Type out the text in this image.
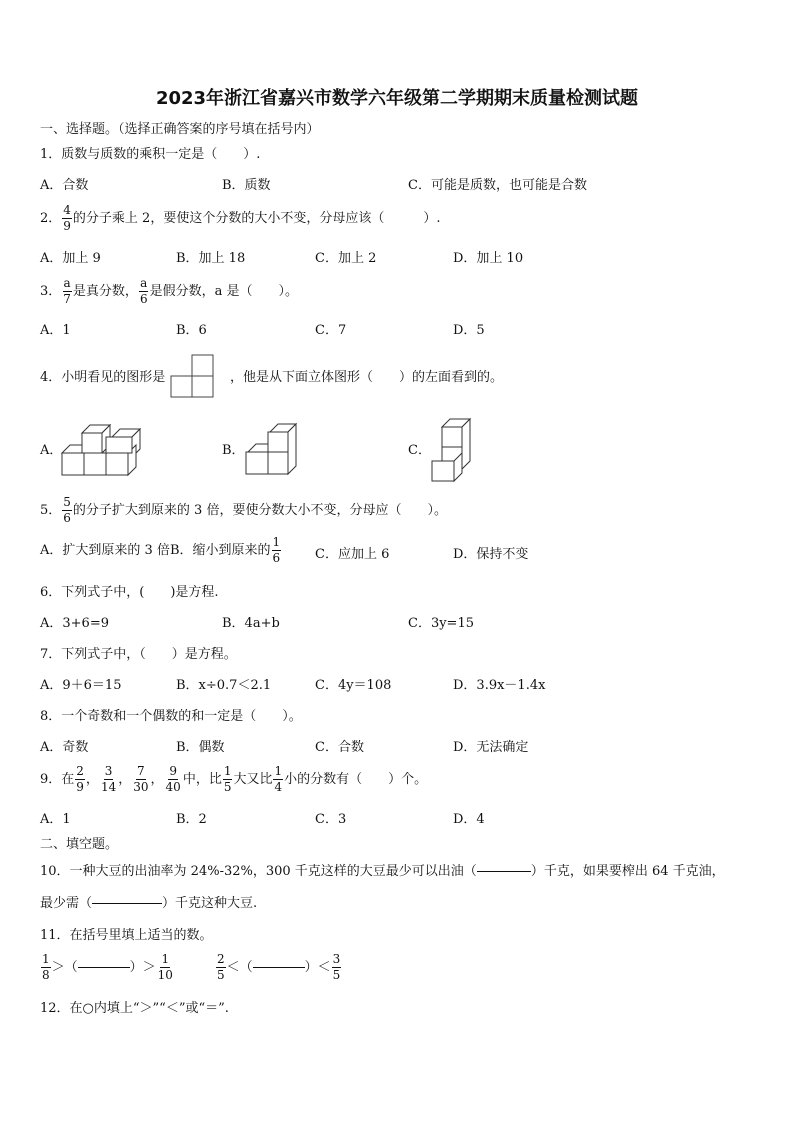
2023年浙江省嘉兴市数学六年级第二学期期末质量检测试题
一、选择题。（选择正确答案的序号填在括号内）
1．质数与质数的乘积一定是（　　）.
A．合数	B．质数	C．可能是质数，也可能是合数
2． $\frac{4}{9}$ 的分子乘上 2，要使这个分数的大小不变，分母应该（　　　）.
A．加上 9	B．加上 18	C．加上 2	D．加上 10
3． $\frac{a}{7}$ 是真分数， $\frac{a}{6}$ 是假分数，a 是（　　）。
A．1	B．6	C．7	D．5
4．小明看见的图形是	，他是从下面立体图形（　　）的左面看到的。
A．	B．	C．
5． $\frac{5}{6}$ 的分子扩大到原来的 3 倍，要使分数大小不变，分母应（　　）。
A．扩大到原来的 3 倍 B．缩小到原来的 $\frac{1}{6}$	C．应加上 6	D．保持不变
6．下列式子中，(　　)是方程.
A．3+6=9	B．4a+b	C．3y=15
7．下列式子中，（　　）是方程。
A．9＋6＝15	B．x÷0.7＜2.1	C．4y＝108	D．3.9x－1.4x
8．一个奇数和一个偶数的和一定是（　　）。
A．奇数	B．偶数	C．合数	D．无法确定
9．在 $\frac{2}{9}$ ， $\frac{3}{14}$ ， $\frac{7}{30}$ ， $\frac{9}{40}$ 中，比 $\frac{1}{5}$ 大又比 $\frac{1}{4}$ 小的分数有（　　）个。
A．1	B．2	C．3	D．4
二、填空题。
10．一种大豆的出油率为 24%-32%，300 千克这样的大豆最少可以出油（	）千克，如果要榨出 64 千克油，
最少需（	）千克这种大豆.
11．在括号里填上适当的数。
$\frac{1}{8}$ ＞（	）＞ $\frac{1}{10}$	$\frac{2}{5}$ ＜（	）＜ $\frac{3}{5}$
12．在○内填上“＞”“＜”或“＝”.
